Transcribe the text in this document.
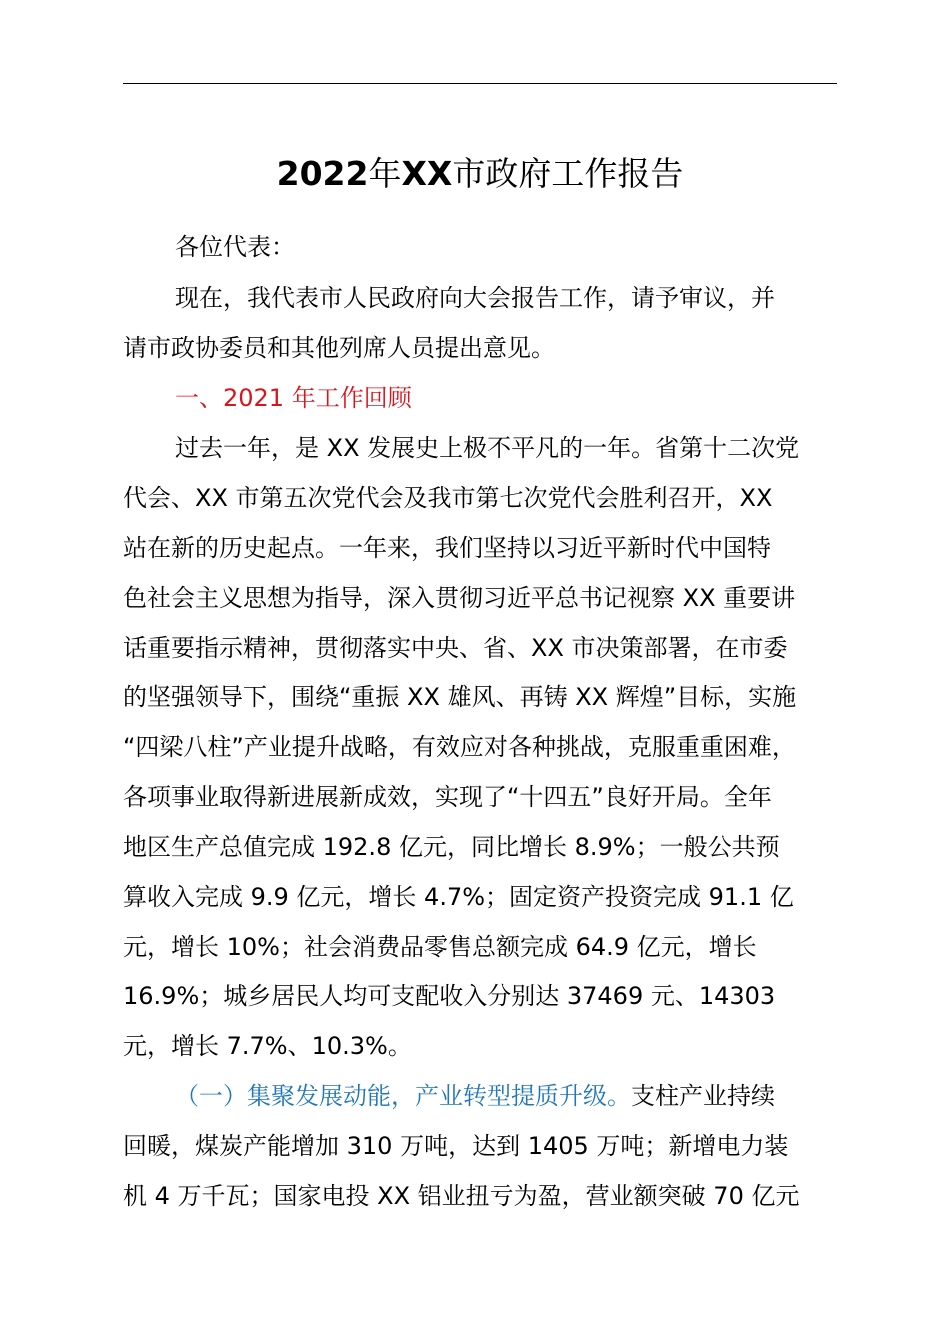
2022年XX市政府工作报告
各位代表：
现在，我代表市人民政府向大会报告工作，请予审议，并
请市政协委员和其他列席人员提出意见。
一、2021 年工作回顾
过去一年，是 XX 发展史上极不平凡的一年。省第十二次党
代会、XX 市第五次党代会及我市第七次党代会胜利召开，XX
站在新的历史起点。一年来，我们坚持以习近平新时代中国特
色社会主义思想为指导，深入贯彻习近平总书记视察 XX 重要讲
话重要指示精神，贯彻落实中央、省、XX 市决策部署，在市委
的坚强领导下，围绕“重振 XX 雄风、再铸 XX 辉煌”目标，实施
“四梁八柱”产业提升战略，有效应对各种挑战，克服重重困难，
各项事业取得新进展新成效，实现了“十四五”良好开局。全年
地区生产总值完成 192.8 亿元，同比增长 8.9%；一般公共预
算收入完成 9.9 亿元，增长 4.7%；固定资产投资完成 91.1 亿
元，增长 10%；社会消费品零售总额完成 64.9 亿元，增长
16.9%；城乡居民人均可支配收入分别达 37469 元、14303
元，增长 7.7%、10.3%。
（一）集聚发展动能，产业转型提质升级。支柱产业持续
回暖，煤炭产能增加 310 万吨，达到 1405 万吨；新增电力装
机 4 万千瓦；国家电投 XX 铝业扭亏为盈，营业额突破 70 亿元
